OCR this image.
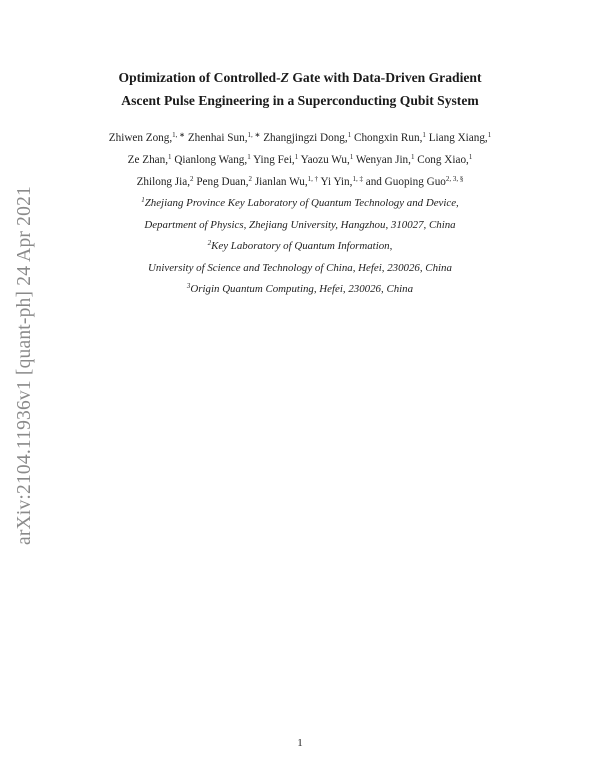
arXiv:2104.11936v1 [quant-ph] 24 Apr 2021
Optimization of Controlled-Z Gate with Data-Driven Gradient
Ascent Pulse Engineering in a Superconducting Qubit System
Zhiwen Zong,$^{1, ∗}$ Zhenhai Sun,$^{1, ∗}$ Zhangjingzi Dong,$^1$ Chongxin Run,$^1$ Liang Xiang,$^1$
Ze Zhan,$^1$ Qianlong Wang,$^1$ Ying Fei,$^1$ Yaozu Wu,$^1$ Wenyan Jin,$^1$ Cong Xiao,$^1$
Zhilong Jia,$^2$ Peng Duan,$^2$ Jianlan Wu,$^{1, \dagger}$ Yi Yin,$^{1, \ddagger}$ and Guoping Guo$^{2, 3, \S}$
$^1$Zhejiang Province Key Laboratory of Quantum Technology and Device,
Department of Physics, Zhejiang University, Hangzhou, 310027, China
$^2$Key Laboratory of Quantum Information,
University of Science and Technology of China, Hefei, 230026, China
$^3$Origin Quantum Computing, Hefei, 230026, China
1
